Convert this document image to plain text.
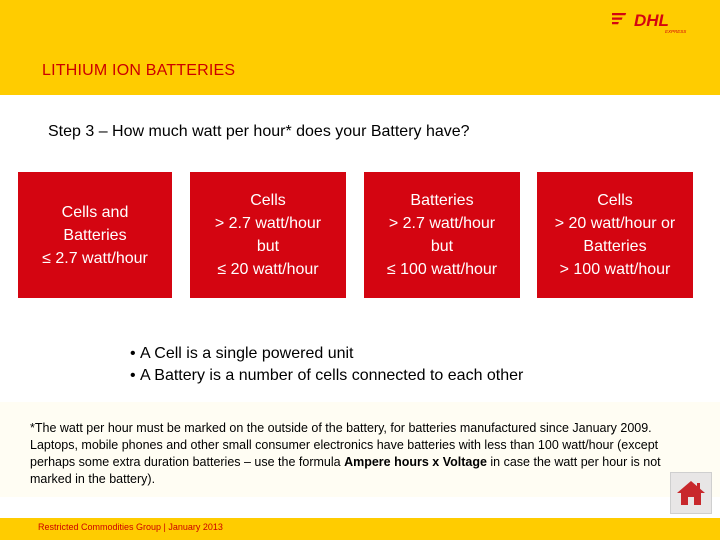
DHL
EXPRESS
LITHIUM ION BATTERIES
Step 3 – How much watt per hour* does your Battery have?
Cells and
Batteries
≤ 2.7 watt/hour
Cells
> 2.7 watt/hour
but
≤ 20 watt/hour
Batteries
> 2.7 watt/hour
but
≤ 100 watt/hour
Cells
> 20 watt/hour or
Batteries
> 100 watt/hour
• A Cell is a single powered unit
• A Battery is a number of cells connected to each other
*The watt per hour must be marked on the outside of the battery, for batteries manufactured since January 2009. Laptops, mobile phones and other small consumer electronics have batteries with less than 100 watt/hour (except perhaps some extra duration batteries – use the formula Ampere hours x Voltage in case the watt per hour is not marked in the battery).
Restricted Commodities Group | January 2013
